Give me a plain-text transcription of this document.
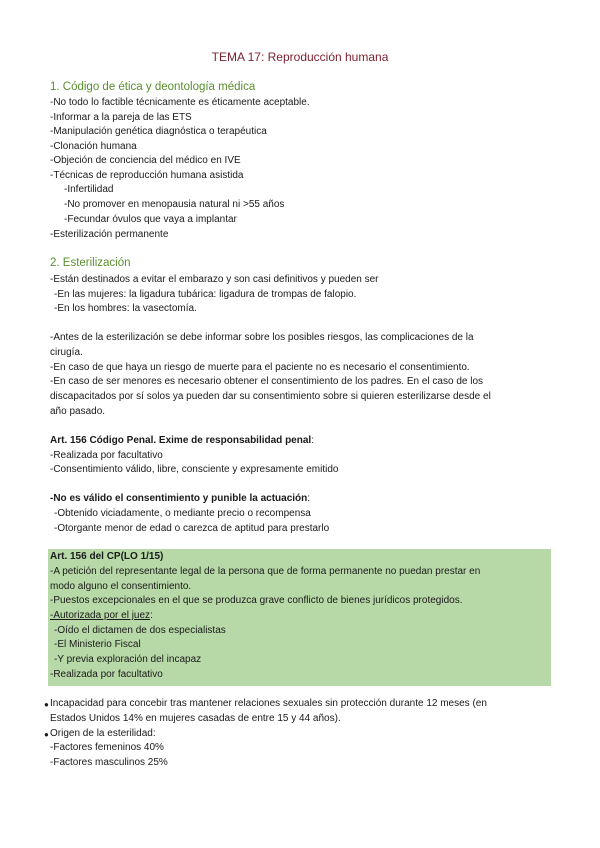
TEMA 17: Reproducción humana
1. Código de ética y deontología médica
-No todo lo factible técnicamente es éticamente aceptable.
-Informar a la pareja de las ETS
-Manipulación genética diagnóstica o terapéutica
-Clonación humana
-Objeción de conciencia del médico en IVE
-Técnicas de reproducción humana asistida
-Infertilidad
-No promover en menopausia natural ni >55 años
-Fecundar óvulos que vaya a implantar
-Esterilización permanente
2. Esterilización
-Están destinados a evitar el embarazo y son casi definitivos y pueden ser
-En las mujeres: la ligadura tubárica: ligadura de trompas de falopio.
-En los hombres: la vasectomía.
-Antes de la esterilización se debe informar sobre los posibles riesgos, las complicaciones de la
cirugía.
-En caso de que haya un riesgo de muerte para el paciente no es necesario el consentimiento.
-En caso de ser menores es necesario obtener el consentimiento de los padres. En el caso de los
discapacitados por sí solos ya pueden dar su consentimiento sobre si quieren esterilizarse desde el
año pasado.
Art. 156 Código Penal. Exime de responsabilidad penal:
-Realizada por facultativo
-Consentimiento válido, libre, consciente y expresamente emitido
-No es válido el consentimiento y punible la actuación:
-Obtenido viciadamente, o mediante precio o recompensa
-Otorgante menor de edad o carezca de aptitud para prestarlo
Art. 156 del CP(LO 1/15)
-A petición del representante legal de la persona que de forma permanente no puedan prestar en
modo alguno el consentimiento.
-Puestos excepcionales en el que se produzca grave conflicto de bienes jurídicos protegidos.
-Autorizada por el juez:
-Oído el dictamen de dos especialistas
-El Ministerio Fiscal
-Y previa exploración del incapaz
-Realizada por facultativo
● Incapacidad para concebir tras mantener relaciones sexuales sin protección durante 12 meses (en
Estados Unidos 14% en mujeres casadas de entre 15 y 44 años).
● Origen de la esterilidad:
-Factores femeninos 40%
-Factores masculinos 25%
